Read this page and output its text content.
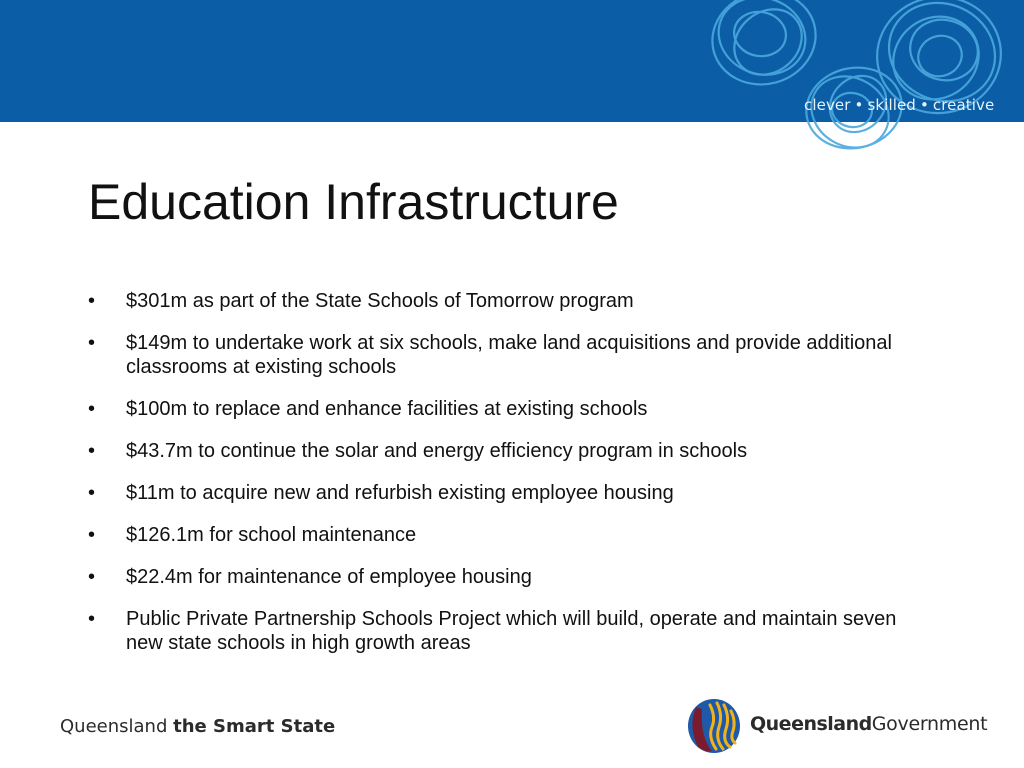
clever • skilled • creative
Education Infrastructure
• $301m as part of the State Schools of Tomorrow program
• $149m to undertake work at six schools, make land acquisitions and provide additional classrooms at existing schools
• $100m to replace and enhance facilities at existing schools
• $43.7m to continue the solar and energy efficiency program in schools
• $11m to acquire new and refurbish existing employee housing
• $126.1m for school maintenance
• $22.4m for maintenance of employee housing
• Public Private Partnership Schools Project which will build, operate and maintain seven new state schools in high growth areas
Queensland the Smart State	QueenslandGovernment
